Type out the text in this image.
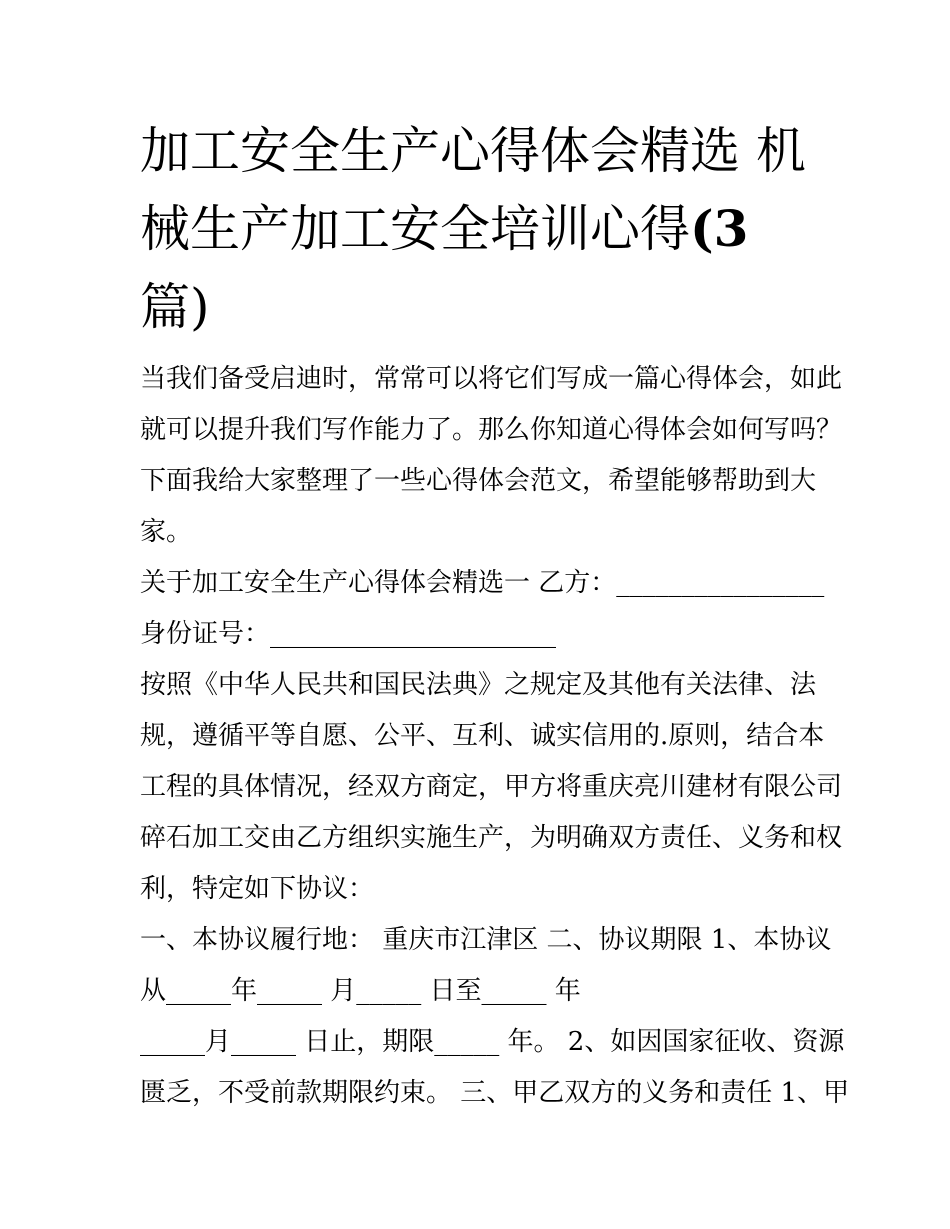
加工安全生产心得体会精选 机
械生产加工安全培训心得(3
篇)
当我们备受启迪时，常常可以将它们写成一篇心得体会，如此
就可以提升我们写作能力了。那么你知道心得体会如何写吗？
下面我给大家整理了一些心得体会范文，希望能够帮助到大
家。
关于加工安全生产心得体会精选一 乙方：________________
身份证号：______________________
按照《中华人民共和国民法典》之规定及其他有关法律、法
规，遵循平等自愿、公平、互利、诚实信用的.原则，结合本
工程的具体情况，经双方商定，甲方将重庆亮川建材有限公司
碎石加工交由乙方组织实施生产，为明确双方责任、义务和权
利，特定如下协议：
一、本协议履行地： 重庆市江津区 二、协议期限 1、本协议
从_____年_____ 月_____ 日至_____ 年
_____月_____ 日止，期限_____ 年。 2、如因国家征收、资源
匮乏，不受前款期限约束。 三、甲乙双方的义务和责任 1、甲
